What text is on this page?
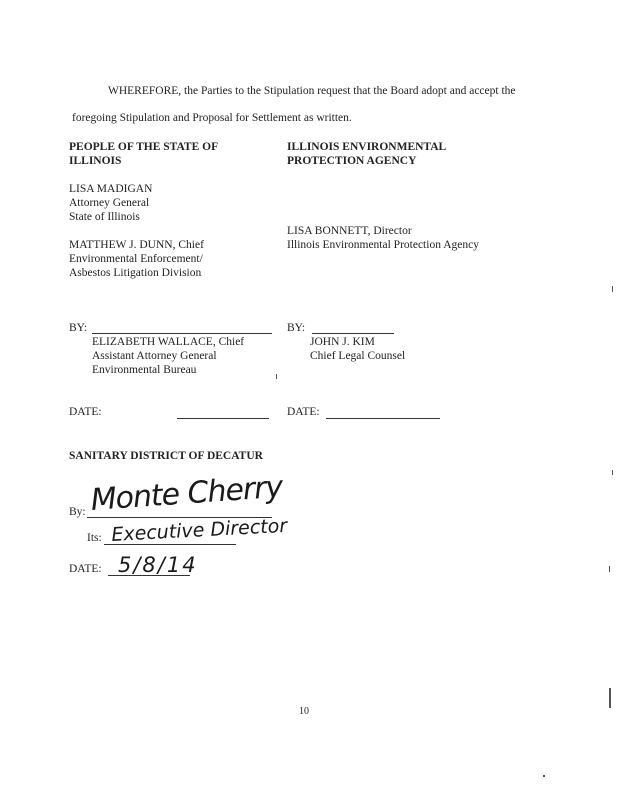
WHEREFORE, the Parties to the Stipulation request that the Board adopt and accept the
foregoing Stipulation and Proposal for Settlement as written.
PEOPLE OF THE STATE OF
ILLINOIS
ILLINOIS ENVIRONMENTAL
PROTECTION AGENCY
LISA MADIGAN
Attorney General
State of Illinois
LISA BONNETT, Director
Illinois Environmental Protection Agency
MATTHEW J. DUNN, Chief
Environmental Enforcement/
Asbestos Litigation Division
BY:	BY:
ELIZABETH WALLACE, Chief
Assistant Attorney General
Environmental Bureau
JOHN J. KIM
Chief Legal Counsel
DATE:	DATE:
SANITARY DISTRICT OF DECATUR
By: Monte Cherry
Its: Executive Director
DATE: 5/8/14
10
